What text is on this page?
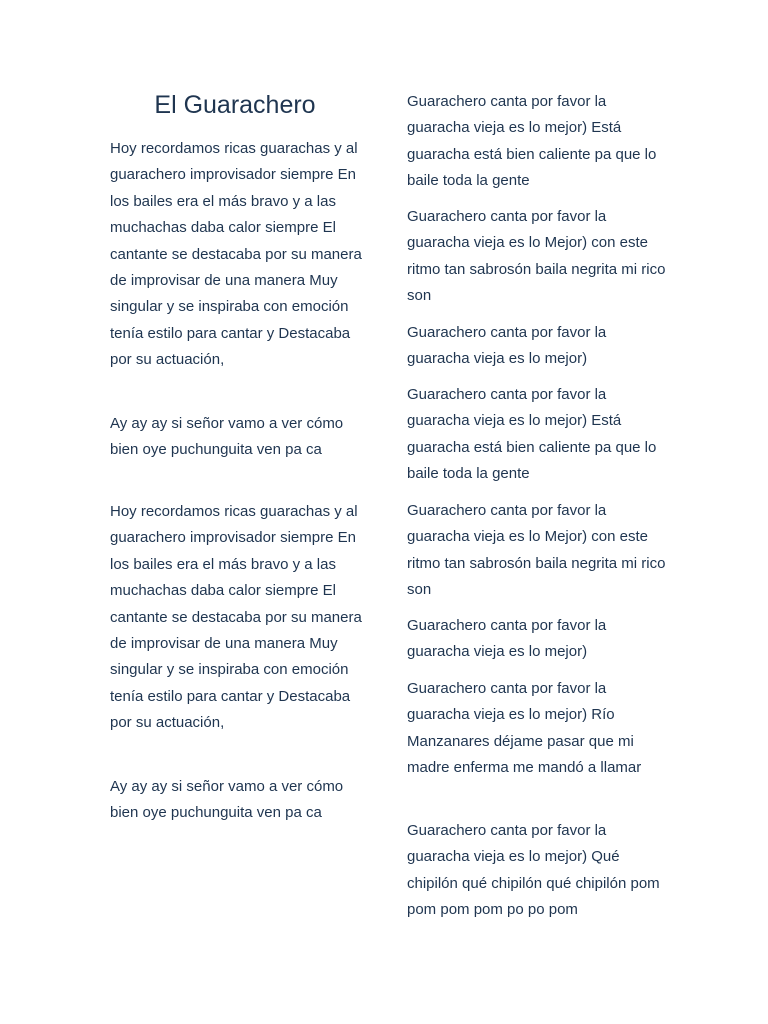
El Guarachero

Hoy recordamos ricas guarachas y al guarachero improvisador siempre En los bailes era el más bravo y a las muchachas daba calor siempre El cantante se destacaba por su manera de improvisar de una manera Muy singular y se inspiraba con emoción tenía estilo para cantar y Destacaba por su actuación,

Ay ay ay si señor vamo a ver cómo bien oye puchunguita ven pa ca

Hoy recordamos ricas guarachas y al guarachero improvisador siempre En los bailes era el más bravo y a las muchachas daba calor siempre El cantante se destacaba por su manera de improvisar de una manera Muy singular y se inspiraba con emoción tenía estilo para cantar y Destacaba por su actuación,

Ay ay ay si señor vamo a ver cómo bien oye puchunguita ven pa ca

Guarachero canta por favor la guaracha vieja es lo mejor) Está guaracha está bien caliente pa que lo baile toda la gente

Guarachero canta por favor la guaracha vieja es lo Mejor) con este ritmo tan sabrosón baila negrita mi rico son

Guarachero canta por favor la guaracha vieja es lo mejor)

Guarachero canta por favor la guaracha vieja es lo mejor) Está guaracha está bien caliente pa que lo baile toda la gente

Guarachero canta por favor la guaracha vieja es lo Mejor) con este ritmo tan sabrosón baila negrita mi rico son

Guarachero canta por favor la guaracha vieja es lo mejor)

Guarachero canta por favor la guaracha vieja es lo mejor) Río Manzanares déjame pasar que mi madre enferma me mandó a llamar

Guarachero canta por favor la guaracha vieja es lo mejor) Qué chipilón qué chipilón qué chipilón pom pom pom pom po po pom
